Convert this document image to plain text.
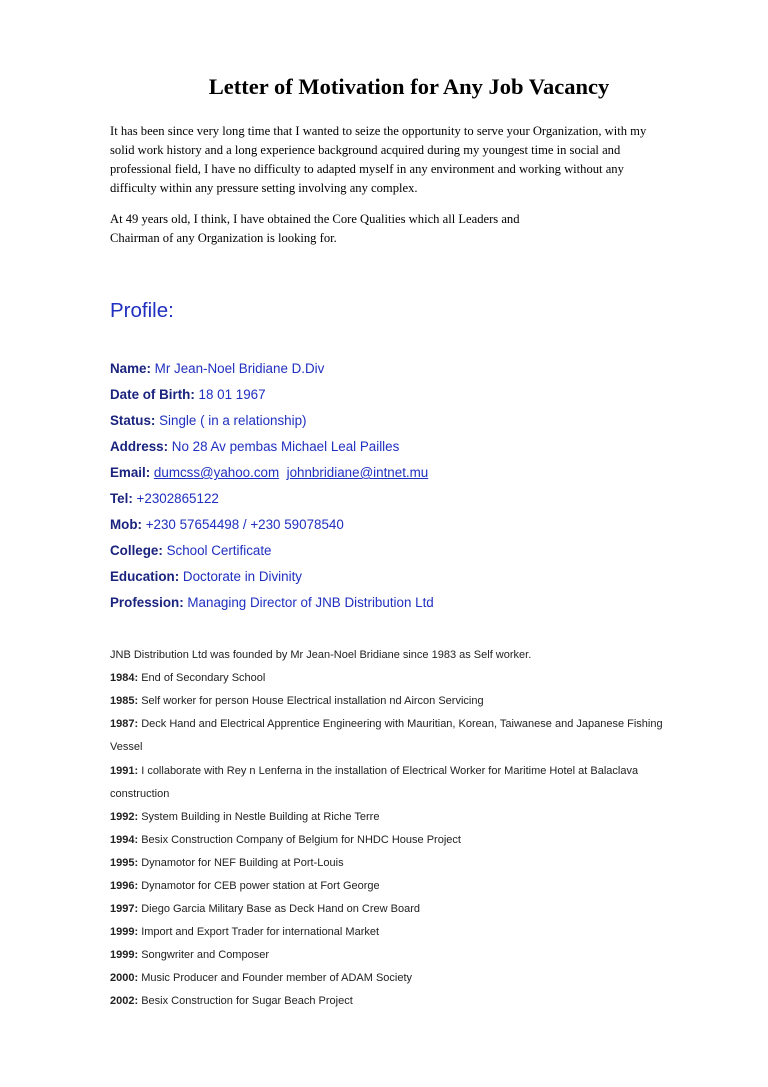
Letter of Motivation for Any Job Vacancy
It has been since very long time that I wanted to seize the opportunity to serve your Organization, with my
solid work history and a long experience background acquired during my youngest time in social and
professional field, I have no difficulty to adapted myself in any environment and working without any
difficulty within any pressure setting involving any complex.
At 49 years old, I think, I have obtained the Core Qualities which all Leaders and
Chairman of any Organization is looking for.
Profile:
Name: Mr Jean-Noel Bridiane D.Div
Date of Birth: 18 01 1967
Status: Single ( in a relationship)
Address: No 28 Av pembas Michael Leal Pailles
Email: dumcss@yahoo.com johnbridiane@intnet.mu
Tel: +2302865122
Mob: +230 57654498 / +230 59078540
College: School Certificate
Education: Doctorate in Divinity
Profession: Managing Director of JNB Distribution Ltd
JNB Distribution Ltd was founded by Mr Jean-Noel Bridiane since 1983 as Self worker.
1984: End of Secondary School
1985: Self worker for person House Electrical installation nd Aircon Servicing
1987: Deck Hand and Electrical Apprentice Engineering with Mauritian, Korean, Taiwanese and Japanese Fishing
Vessel
1991: I collaborate with Rey n Lenferna in the installation of Electrical Worker for Maritime Hotel at Balaclava
construction
1992: System Building in Nestle Building at Riche Terre
1994: Besix Construction Company of Belgium for NHDC House Project
1995: Dynamotor for NEF Building at Port-Louis
1996: Dynamotor for CEB power station at Fort George
1997: Diego Garcia Military Base as Deck Hand on Crew Board
1999: Import and Export Trader for international Market
1999: Songwriter and Composer
2000: Music Producer and Founder member of ADAM Society
2002: Besix Construction for Sugar Beach Project
